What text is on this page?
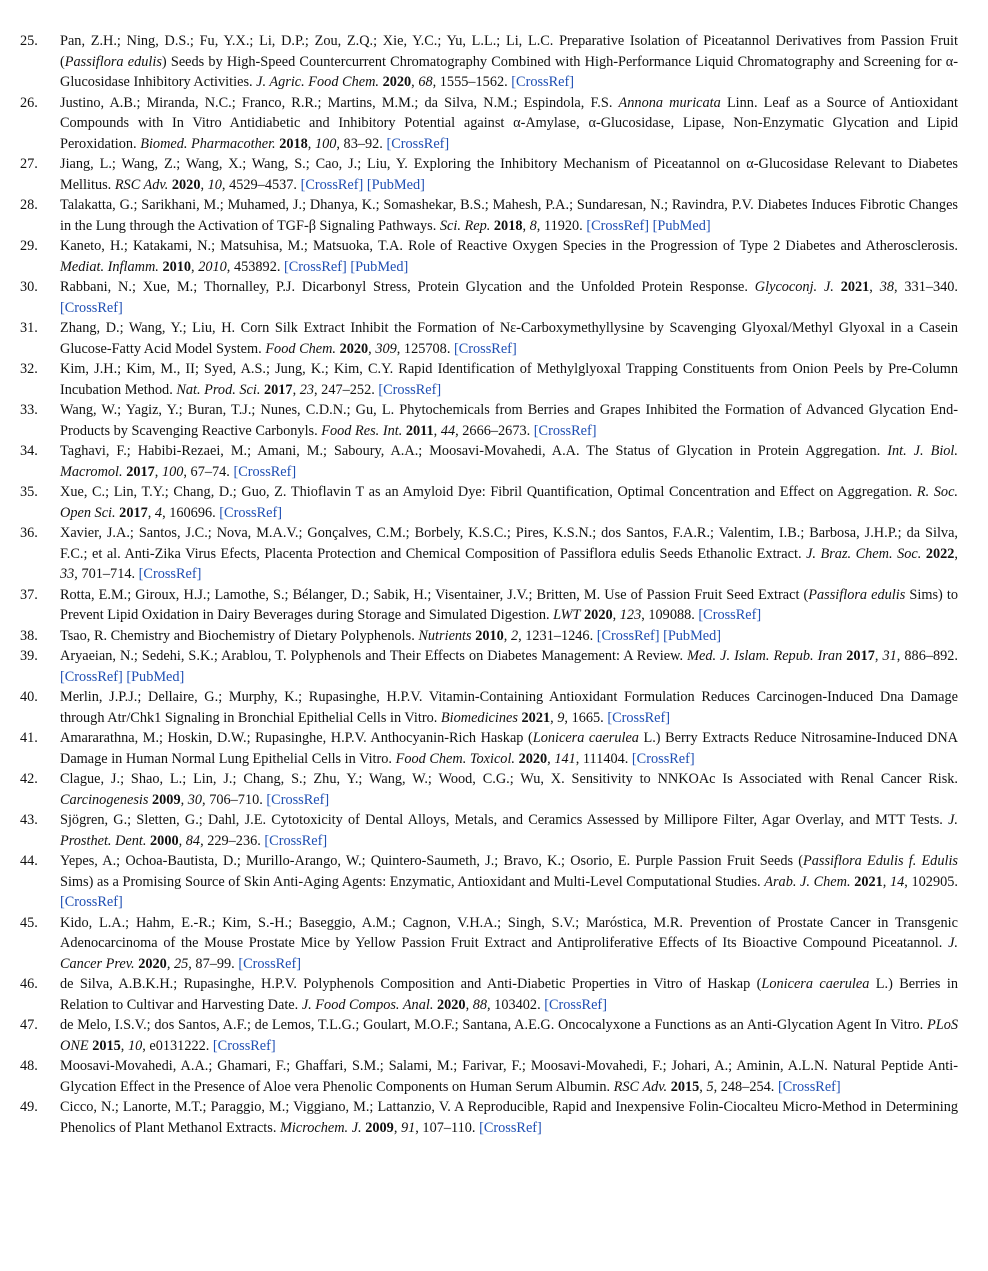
25. Pan, Z.H.; Ning, D.S.; Fu, Y.X.; Li, D.P.; Zou, Z.Q.; Xie, Y.C.; Yu, L.L.; Li, L.C. Preparative Isolation of Piceatannol Derivatives from Passion Fruit (Passiflora edulis) Seeds by High-Speed Countercurrent Chromatography Combined with High-Performance Liquid Chromatography and Screening for α-Glucosidase Inhibitory Activities. J. Agric. Food Chem. 2020, 68, 1555–1562. [CrossRef]
26. Justino, A.B.; Miranda, N.C.; Franco, R.R.; Martins, M.M.; da Silva, N.M.; Espindola, F.S. Annona muricata Linn. Leaf as a Source of Antioxidant Compounds with In Vitro Antidiabetic and Inhibitory Potential against α-Amylase, α-Glucosidase, Lipase, Non-Enzymatic Glycation and Lipid Peroxidation. Biomed. Pharmacother. 2018, 100, 83–92. [CrossRef]
27. Jiang, L.; Wang, Z.; Wang, X.; Wang, S.; Cao, J.; Liu, Y. Exploring the Inhibitory Mechanism of Piceatannol on α-Glucosidase Relevant to Diabetes Mellitus. RSC Adv. 2020, 10, 4529–4537. [CrossRef] [PubMed]
28. Talakatta, G.; Sarikhani, M.; Muhamed, J.; Dhanya, K.; Somashekar, B.S.; Mahesh, P.A.; Sundaresan, N.; Ravindra, P.V. Diabetes Induces Fibrotic Changes in the Lung through the Activation of TGF-β Signaling Pathways. Sci. Rep. 2018, 8, 11920. [CrossRef] [PubMed]
29. Kaneto, H.; Katakami, N.; Matsuhisa, M.; Matsuoka, T.A. Role of Reactive Oxygen Species in the Progression of Type 2 Diabetes and Atherosclerosis. Mediat. Inflamm. 2010, 2010, 453892. [CrossRef] [PubMed]
30. Rabbani, N.; Xue, M.; Thornalley, P.J. Dicarbonyl Stress, Protein Glycation and the Unfolded Protein Response. Glycoconj. J. 2021, 38, 331–340. [CrossRef]
31. Zhang, D.; Wang, Y.; Liu, H. Corn Silk Extract Inhibit the Formation of Nε-Carboxymethyllysine by Scavenging Glyoxal/Methyl Glyoxal in a Casein Glucose-Fatty Acid Model System. Food Chem. 2020, 309, 125708. [CrossRef]
32. Kim, J.H.; Kim, M., II; Syed, A.S.; Jung, K.; Kim, C.Y. Rapid Identification of Methylglyoxal Trapping Constituents from Onion Peels by Pre-Column Incubation Method. Nat. Prod. Sci. 2017, 23, 247–252. [CrossRef]
33. Wang, W.; Yagiz, Y.; Buran, T.J.; Nunes, C.D.N.; Gu, L. Phytochemicals from Berries and Grapes Inhibited the Formation of Advanced Glycation End-Products by Scavenging Reactive Carbonyls. Food Res. Int. 2011, 44, 2666–2673. [CrossRef]
34. Taghavi, F.; Habibi-Rezaei, M.; Amani, M.; Saboury, A.A.; Moosavi-Movahedi, A.A. The Status of Glycation in Protein Aggregation. Int. J. Biol. Macromol. 2017, 100, 67–74. [CrossRef]
35. Xue, C.; Lin, T.Y.; Chang, D.; Guo, Z. Thioflavin T as an Amyloid Dye: Fibril Quantification, Optimal Concentration and Effect on Aggregation. R. Soc. Open Sci. 2017, 4, 160696. [CrossRef]
36. Xavier, J.A.; Santos, J.C.; Nova, M.A.V.; Gonçalves, C.M.; Borbely, K.S.C.; Pires, K.S.N.; dos Santos, F.A.R.; Valentim, I.B.; Barbosa, J.H.P.; da Silva, F.C.; et al. Anti-Zika Virus Efects, Placenta Protection and Chemical Composition of Passiflora edulis Seeds Ethanolic Extract. J. Braz. Chem. Soc. 2022, 33, 701–714. [CrossRef]
37. Rotta, E.M.; Giroux, H.J.; Lamothe, S.; Bélanger, D.; Sabik, H.; Visentainer, J.V.; Britten, M. Use of Passion Fruit Seed Extract (Passiflora edulis Sims) to Prevent Lipid Oxidation in Dairy Beverages during Storage and Simulated Digestion. LWT 2020, 123, 109088. [CrossRef]
38. Tsao, R. Chemistry and Biochemistry of Dietary Polyphenols. Nutrients 2010, 2, 1231–1246. [CrossRef] [PubMed]
39. Aryaeian, N.; Sedehi, S.K.; Arablou, T. Polyphenols and Their Effects on Diabetes Management: A Review. Med. J. Islam. Repub. Iran 2017, 31, 886–892. [CrossRef] [PubMed]
40. Merlin, J.P.J.; Dellaire, G.; Murphy, K.; Rupasinghe, H.P.V. Vitamin-Containing Antioxidant Formulation Reduces Carcinogen-Induced Dna Damage through Atr/Chk1 Signaling in Bronchial Epithelial Cells in Vitro. Biomedicines 2021, 9, 1665. [CrossRef]
41. Amararathna, M.; Hoskin, D.W.; Rupasinghe, H.P.V. Anthocyanin-Rich Haskap (Lonicera caerulea L.) Berry Extracts Reduce Nitrosamine-Induced DNA Damage in Human Normal Lung Epithelial Cells in Vitro. Food Chem. Toxicol. 2020, 141, 111404. [CrossRef]
42. Clague, J.; Shao, L.; Lin, J.; Chang, S.; Zhu, Y.; Wang, W.; Wood, C.G.; Wu, X. Sensitivity to NNKOAc Is Associated with Renal Cancer Risk. Carcinogenesis 2009, 30, 706–710. [CrossRef]
43. Sjögren, G.; Sletten, G.; Dahl, J.E. Cytotoxicity of Dental Alloys, Metals, and Ceramics Assessed by Millipore Filter, Agar Overlay, and MTT Tests. J. Prosthet. Dent. 2000, 84, 229–236. [CrossRef]
44. Yepes, A.; Ochoa-Bautista, D.; Murillo-Arango, W.; Quintero-Saumeth, J.; Bravo, K.; Osorio, E. Purple Passion Fruit Seeds (Passiflora Edulis f. Edulis Sims) as a Promising Source of Skin Anti-Aging Agents: Enzymatic, Antioxidant and Multi-Level Computational Studies. Arab. J. Chem. 2021, 14, 102905. [CrossRef]
45. Kido, L.A.; Hahm, E.-R.; Kim, S.-H.; Baseggio, A.M.; Cagnon, V.H.A.; Singh, S.V.; Maróstica, M.R. Prevention of Prostate Cancer in Transgenic Adenocarcinoma of the Mouse Prostate Mice by Yellow Passion Fruit Extract and Antiproliferative Effects of Its Bioactive Compound Piceatannol. J. Cancer Prev. 2020, 25, 87–99. [CrossRef]
46. de Silva, A.B.K.H.; Rupasinghe, H.P.V. Polyphenols Composition and Anti-Diabetic Properties in Vitro of Haskap (Lonicera caerulea L.) Berries in Relation to Cultivar and Harvesting Date. J. Food Compos. Anal. 2020, 88, 103402. [CrossRef]
47. de Melo, I.S.V.; dos Santos, A.F.; de Lemos, T.L.G.; Goulart, M.O.F.; Santana, A.E.G. Oncocalyxone a Functions as an Anti-Glycation Agent In Vitro. PLoS ONE 2015, 10, e0131222. [CrossRef]
48. Moosavi-Movahedi, A.A.; Ghamari, F.; Ghaffari, S.M.; Salami, M.; Farivar, F.; Moosavi-Movahedi, F.; Johari, A.; Aminin, A.L.N. Natural Peptide Anti-Glycation Effect in the Presence of Aloe vera Phenolic Components on Human Serum Albumin. RSC Adv. 2015, 5, 248–254. [CrossRef]
49. Cicco, N.; Lanorte, M.T.; Paraggio, M.; Viggiano, M.; Lattanzio, V. A Reproducible, Rapid and Inexpensive Folin-Ciocalteu Micro-Method in Determining Phenolics of Plant Methanol Extracts. Microchem. J. 2009, 91, 107–110. [CrossRef]
